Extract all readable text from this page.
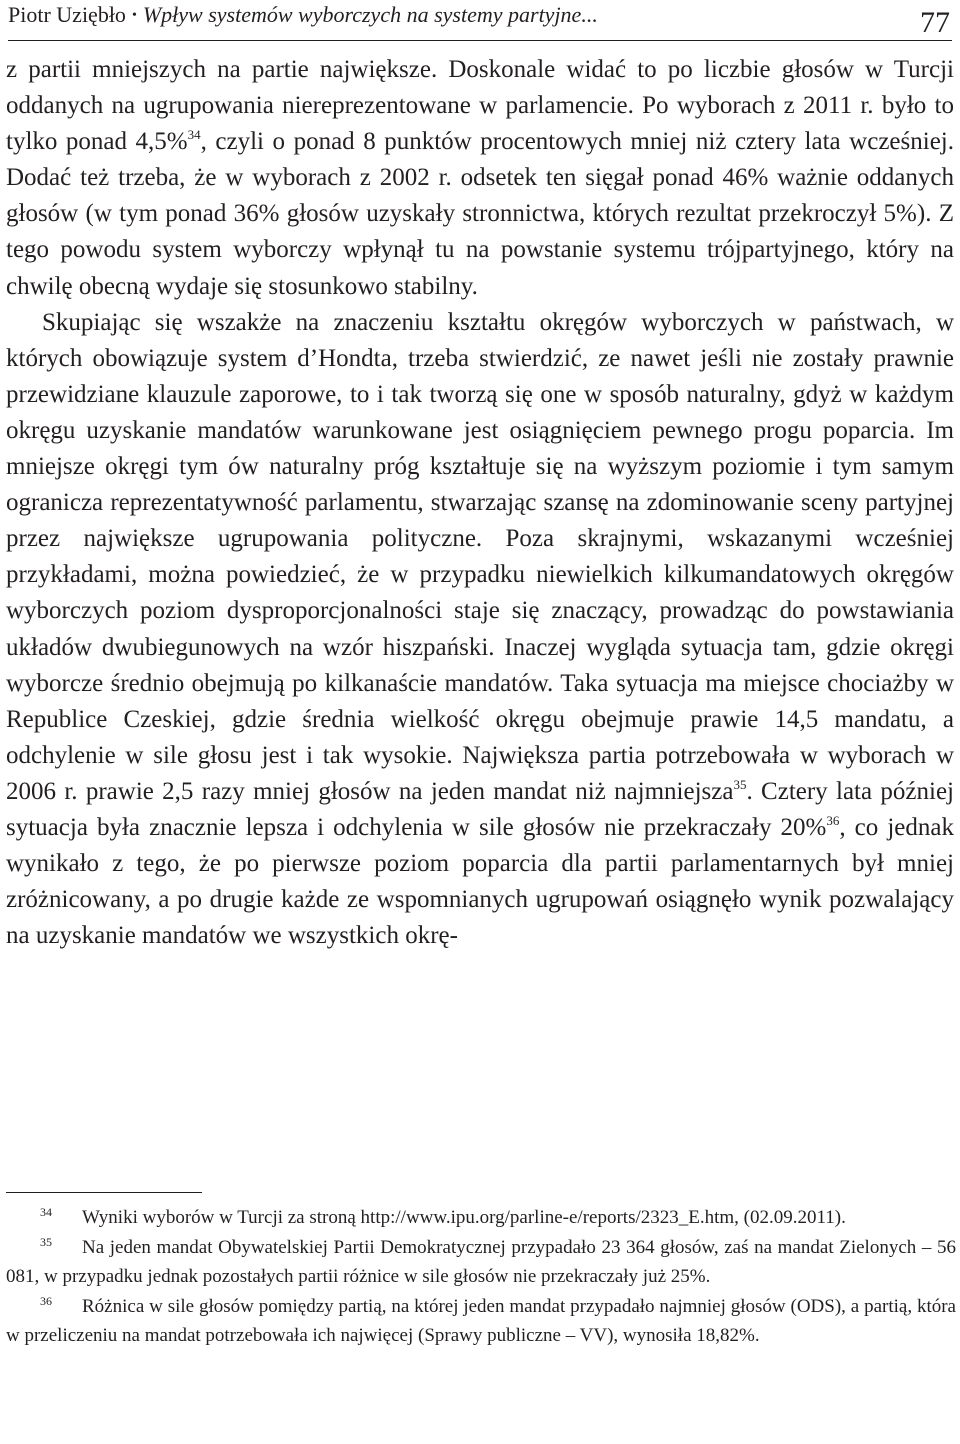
Piotr Uziębło • Wpływ systemów wyborczych na systemy partyjne...	77

z partii mniejszych na partie największe. Doskonale widać to po liczbie głosów w Turcji oddanych na ugrupowania niereprezentowane w parlamencie. Po wyborach z 2011 r. było to tylko ponad 4,5%$^{34}$, czyli o ponad 8 punktów procentowych mniej niż cztery lata wcześniej. Dodać też trzeba, że w wyborach z 2002 r. odsetek ten sięgał ponad 46% ważnie oddanych głosów (w tym ponad 36% głosów uzyskały stronnictwa, których rezultat przekroczył 5%). Z tego powodu system wyborczy wpłynął tu na powstanie systemu trójpartyjnego, który na chwilę obecną wydaje się stosunkowo stabilny.

Skupiając się wszakże na znaczeniu kształtu okręgów wyborczych w państwach, w których obowiązuje system d’Hondta, trzeba stwierdzić, ze nawet jeśli nie zostały prawnie przewidziane klauzule zaporowe, to i tak tworzą się one w sposób naturalny, gdyż w każdym okręgu uzyskanie mandatów warunkowane jest osiągnięciem pewnego progu poparcia. Im mniejsze okręgi tym ów naturalny próg kształtuje się na wyższym poziomie i tym samym ogranicza reprezentatywność parlamentu, stwarzając szansę na zdominowanie sceny partyjnej przez największe ugrupowania polityczne. Poza skrajnymi, wskazanymi wcześniej przykładami, można powiedzieć, że w przypadku niewielkich kilkumandatowych okręgów wyborczych poziom dysproporcjonalności staje się znaczący, prowadząc do powstawiania układów dwubiegunowych na wzór hiszpański. Inaczej wygląda sytuacja tam, gdzie okręgi wyborcze średnio obejmują po kilkanaście mandatów. Taka sytuacja ma miejsce chociażby w Republice Czeskiej, gdzie średnia wielkość okręgu obejmuje prawie 14,5 mandatu, a odchylenie w sile głosu jest i tak wysokie. Największa partia potrzebowała w wyborach w 2006 r. prawie 2,5 razy mniej głosów na jeden mandat niż najmniejsza$^{35}$. Cztery lata później sytuacja była znacznie lepsza i odchylenia w sile głosów nie przekraczały 20%$^{36}$, co jednak wynikało z tego, że po pierwsze poziom poparcia dla partii parlamentarnych był mniej zróżnicowany, a po drugie każde ze wspomnianych ugrupowań osiągnęło wynik pozwalający na uzyskanie mandatów we wszystkich okrę-

$^{34}$ Wyniki wyborów w Turcji za stroną http://www.ipu.org/parline-e/reports/2323_E.htm, (02.09.2011).

$^{35}$ Na jeden mandat Obywatelskiej Partii Demokratycznej przypadało 23 364 głosów, zaś na mandat Zielonych – 56 081, w przypadku jednak pozostałych partii różnice w sile głosów nie przekraczały już 25%.

$^{36}$ Różnica w sile głosów pomiędzy partią, na której jeden mandat przypadało najmniej głosów (ODS), a partią, która w przeliczeniu na mandat potrzebowała ich najwięcej (Sprawy publiczne – VV), wynosiła 18,82%.
